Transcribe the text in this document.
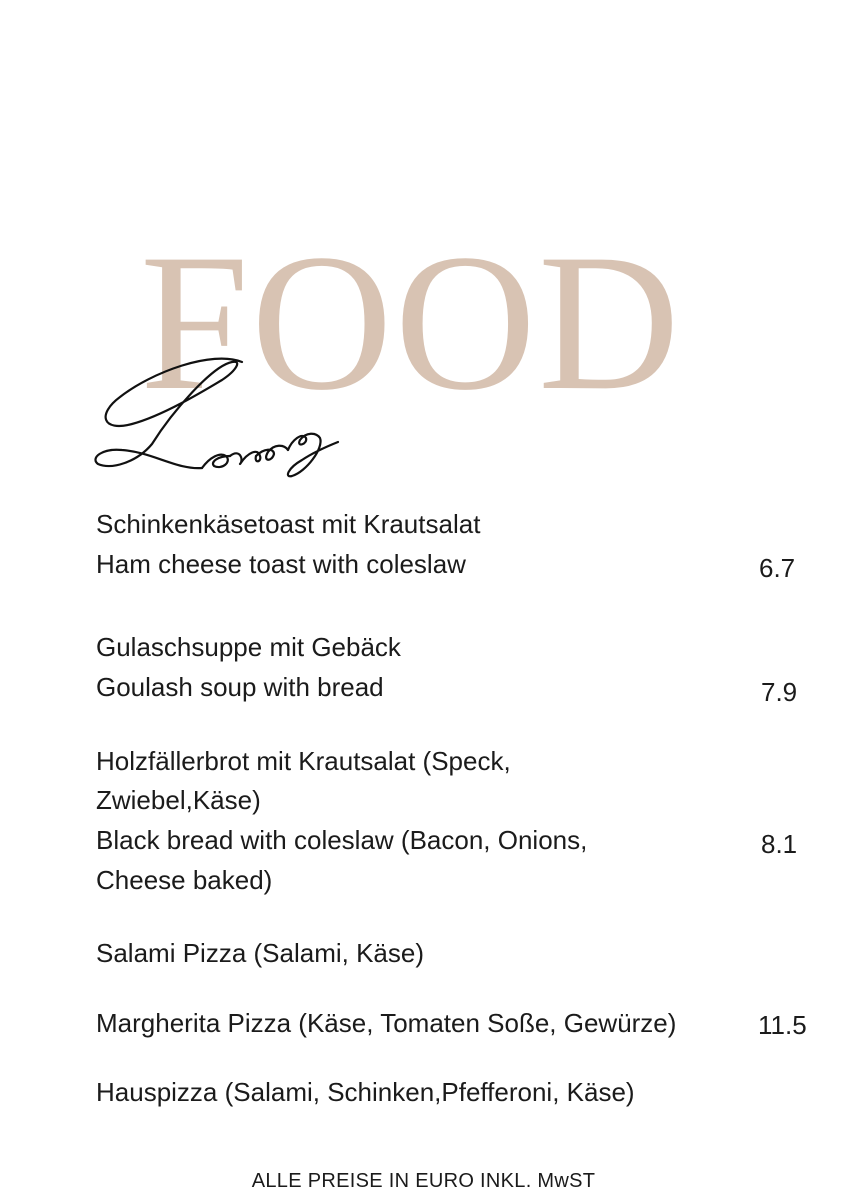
FOOD
Schinkenkäsetoast mit Krautsalat
Ham cheese toast with coleslaw	6.7
Gulaschsuppe mit Gebäck
Goulash soup with bread	7.9
Holzfällerbrot mit Krautsalat (Speck,
Zwiebel,Käse)
Black bread with coleslaw (Bacon, Onions,
Cheese baked)
8.1
Salami Pizza (Salami, Käse)
Margherita Pizza (Käse, Tomaten Soße, Gewürze)	11.5
Hauspizza (Salami, Schinken,Pfefferoni, Käse)
ALLE PREISE IN EURO INKL. MwST
